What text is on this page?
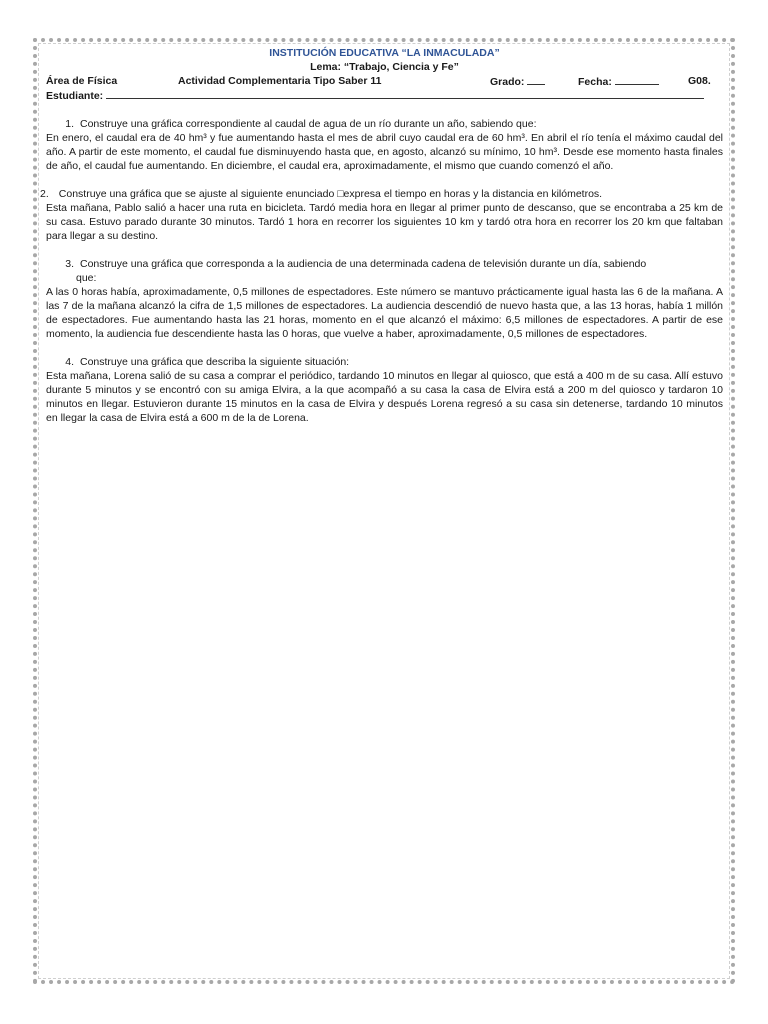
INSTITUCIÓN EDUCATIVA “LA INMACULADA”
Lema: “Trabajo, Ciencia y Fe”
Área de Física	Actividad Complementaria Tipo Saber 11	Grado:	Fecha:	G08.
Estudiante:
1. Construye una gráfica correspondiente al caudal de agua de un río durante un año, sabiendo que:
En enero, el caudal era de 40 hm³ y fue aumentando hasta el mes de abril cuyo caudal era de 60 hm³. En abril el río tenía el máximo caudal del año. A partir de este momento, el caudal fue disminuyendo hasta que, en agosto, alcanzó su mínimo, 10 hm³. Desde ese momento hasta finales de año, el caudal fue aumentando. En diciembre, el caudal era, aproximadamente, el mismo que cuando comenzó el año.
2. Construye una gráfica que se ajuste al siguiente enunciado □expresa el tiempo en horas y la distancia en kilómetros.
Esta mañana, Pablo salió a hacer una ruta en bicicleta. Tardó media hora en llegar al primer punto de descanso, que se encontraba a 25 km de su casa. Estuvo parado durante 30 minutos. Tardó 1 hora en recorrer los siguientes 10 km y tardó otra hora en recorrer los 20 km que faltaban para llegar a su destino.
3. Construye una gráfica que corresponda a la audiencia de una determinada cadena de televisión durante un día, sabiendo
que:
A las 0 horas había, aproximadamente, 0,5 millones de espectadores. Este número se mantuvo prácticamente igual hasta las 6 de la mañana. A las 7 de la mañana alcanzó la cifra de 1,5 millones de espectadores. La audiencia descendió de nuevo hasta que, a las 13 horas, había 1 millón de espectadores. Fue aumentando hasta las 21 horas, momento en el que alcanzó el máximo: 6,5 millones de espectadores. A partir de ese momento, la audiencia fue descendiente hasta las 0 horas, que vuelve a haber, aproximadamente, 0,5 millones de espectadores.
4. Construye una gráfica que describa la siguiente situación:
Esta mañana, Lorena salió de su casa a comprar el periódico, tardando 10 minutos en llegar al quiosco, que está a 400 m de su casa. Allí estuvo durante 5 minutos y se encontró con su amiga Elvira, a la que acompañó a su casa la casa de Elvira está a 200 m del quiosco y tardaron 10 minutos en llegar. Estuvieron durante 15 minutos en la casa de Elvira y después Lorena regresó a su casa sin detenerse, tardando 10 minutos en llegar la casa de Elvira está a 600 m de la de Lorena.
